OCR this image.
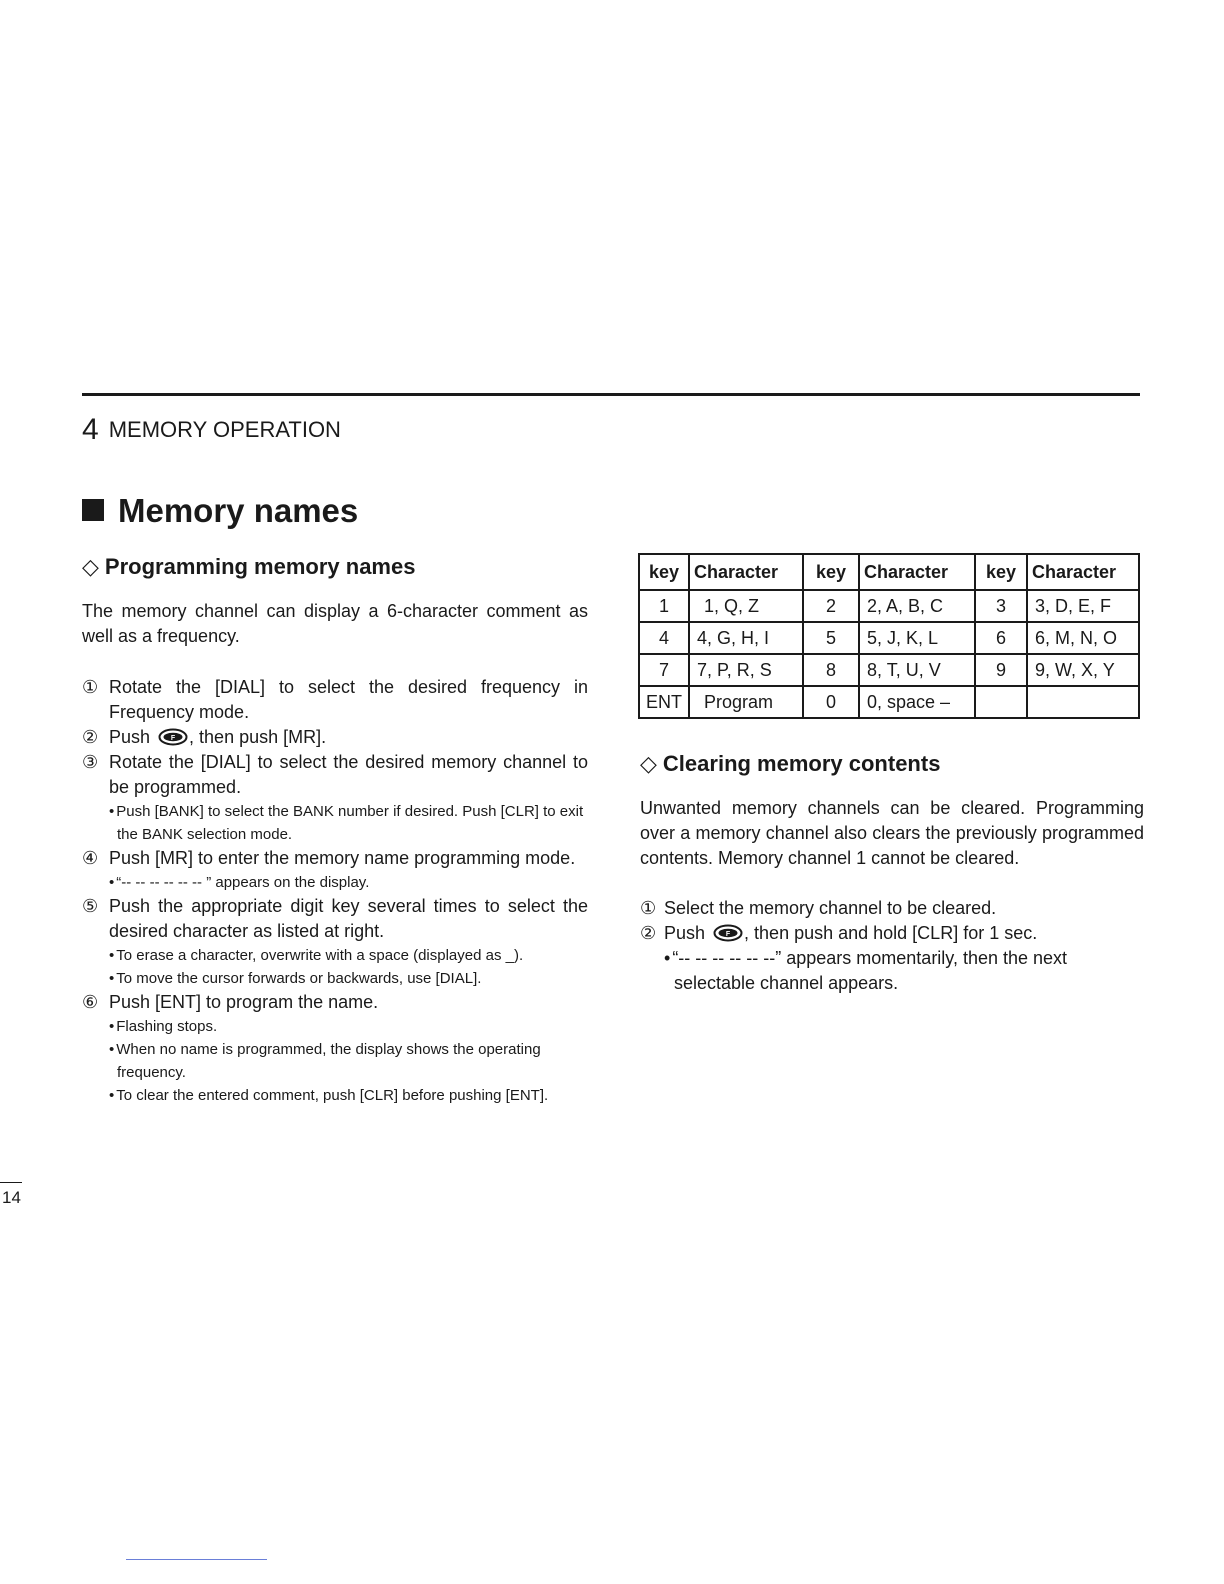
4 MEMORY OPERATION
Memory names
◇ Programming memory names
The memory channel can display a 6-character comment as well as a frequency.
① Rotate the [DIAL] to select the desired frequency in Frequency mode.
② Push	F , then push [MR].
③ Rotate the [DIAL] to select the desired memory channel to be programmed.
• Push [BANK] to select the BANK number if desired. Push [CLR] to exit the BANK selection mode.
④ Push [MR] to enter the memory name programming mode.
• “-- -- -- -- -- -- ” appears on the display.
⑤ Push the appropriate digit key several times to select the desired character as listed at right.
• To erase a character, overwrite with a space (displayed as _).
• To move the cursor forwards or backwards, use [DIAL].
⑥ Push [ENT] to program the name.
• Flashing stops.
• When no name is programmed, the display shows the operating frequency.
• To clear the entered comment, push [CLR] before pushing [ENT].
key	Character	key	Character	key	Character
1	1, Q, Z	2	2, A, B, C	3	3, D, E, F
4	4, G, H, I	5	5, J, K, L	6	6, M, N, O
7	7, P, R, S	8	8, T, U, V	9	9, W, X, Y
ENT	Program	0	0, space –		
◇ Clearing memory contents
Unwanted memory channels can be cleared. Programming over a memory channel also clears the previously programmed contents. Memory channel 1 cannot be cleared.
① Select the memory channel to be cleared.
② Push	F , then push and hold [CLR] for 1 sec.
• “-- -- -- -- -- --” appears momentarily, then the next selectable channel appears.
14
